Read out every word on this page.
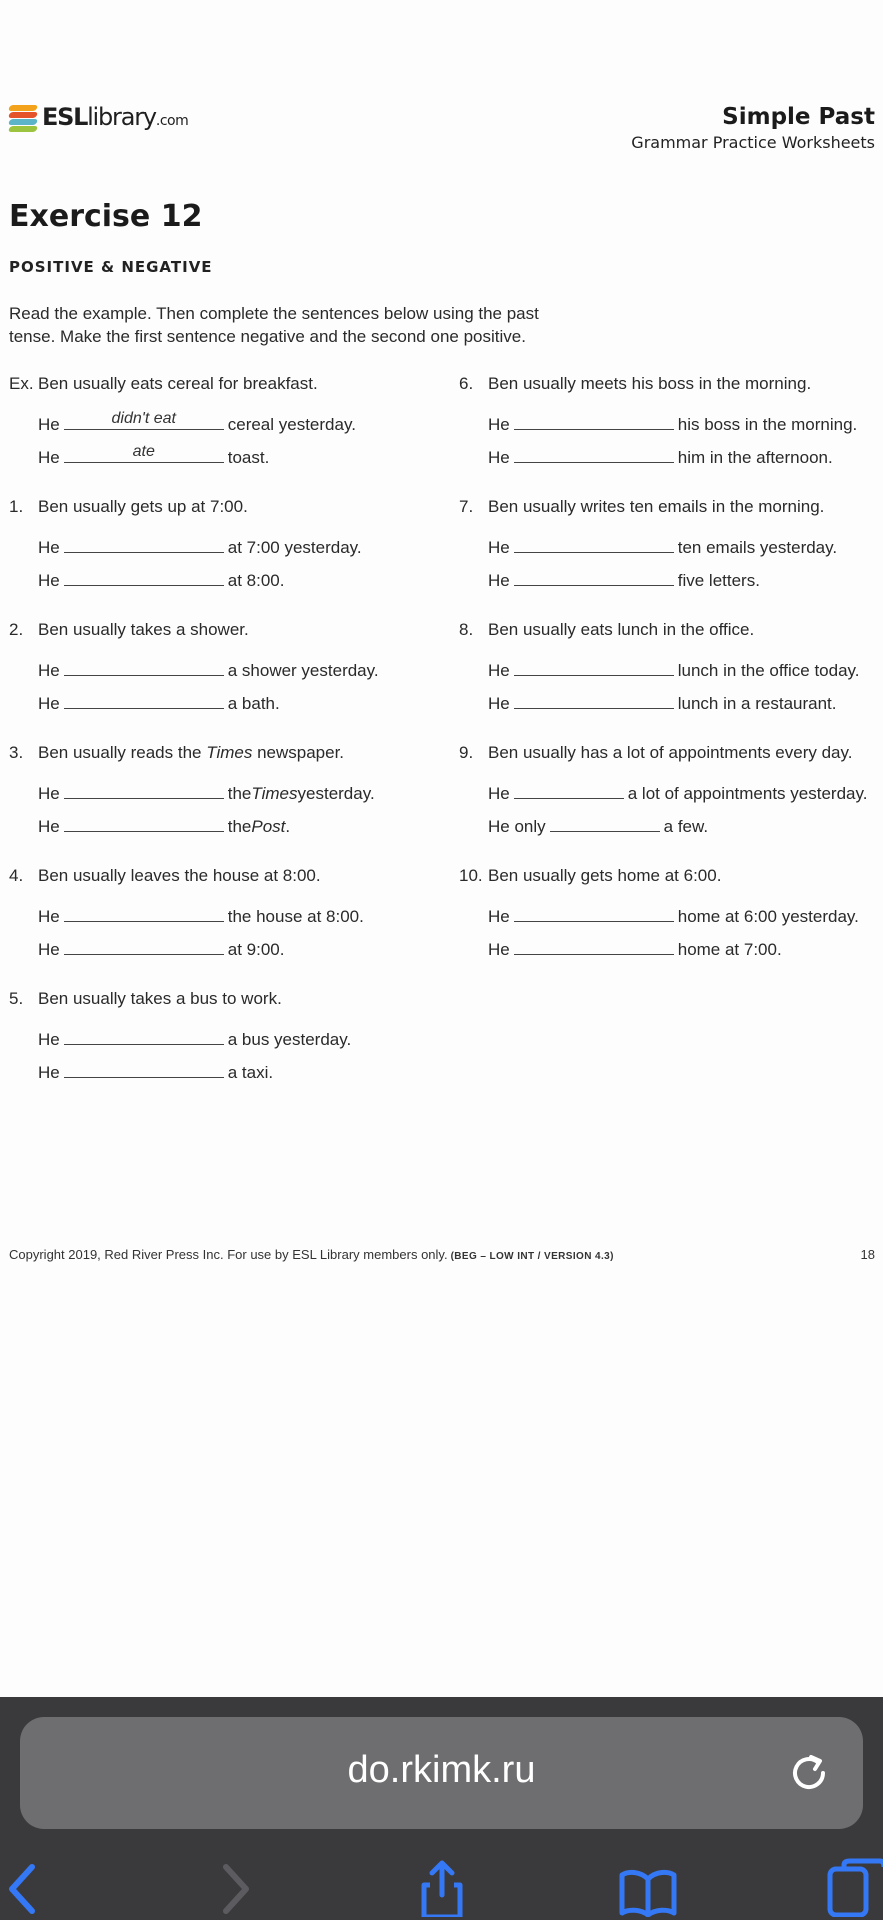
ESLlibrary.com	Simple Past
Grammar Practice Worksheets
Exercise 12
POSITIVE & NEGATIVE
Read the example. Then complete the sentences below using the past tense. Make the first sentence negative and the second one positive.
Ex. Ben usually eats cereal for breakfast.
He	didn't eat	cereal yesterday.
He	ate	toast.
1. Ben usually gets up at 7:00.
He	at 7:00 yesterday.
He	at 8:00.
2. Ben usually takes a shower.
He	a shower yesterday.
He	a bath.
3. Ben usually reads the Times newspaper.
He	the Times yesterday.
He	the Post .
4. Ben usually leaves the house at 8:00.
He	the house at 8:00.
He	at 9:00.
5. Ben usually takes a bus to work.
He	a bus yesterday.
He	a taxi.
6. Ben usually meets his boss in the morning.
He	his boss in the morning.
He	him in the afternoon.
7. Ben usually writes ten emails in the morning.
He	ten emails yesterday.
He	five letters.
8. Ben usually eats lunch in the office.
He	lunch in the office today.
He	lunch in a restaurant.
9. Ben usually has a lot of appointments every day.
He	a lot of appointments yesterday.
He only	a few.
10. Ben usually gets home at 6:00.
He	home at 6:00 yesterday.
He	home at 7:00.
Copyright 2019, Red River Press Inc. For use by ESL Library members only. (BEG – LOW INT / VERSION 4.3)	18
do.rkimk.ru
